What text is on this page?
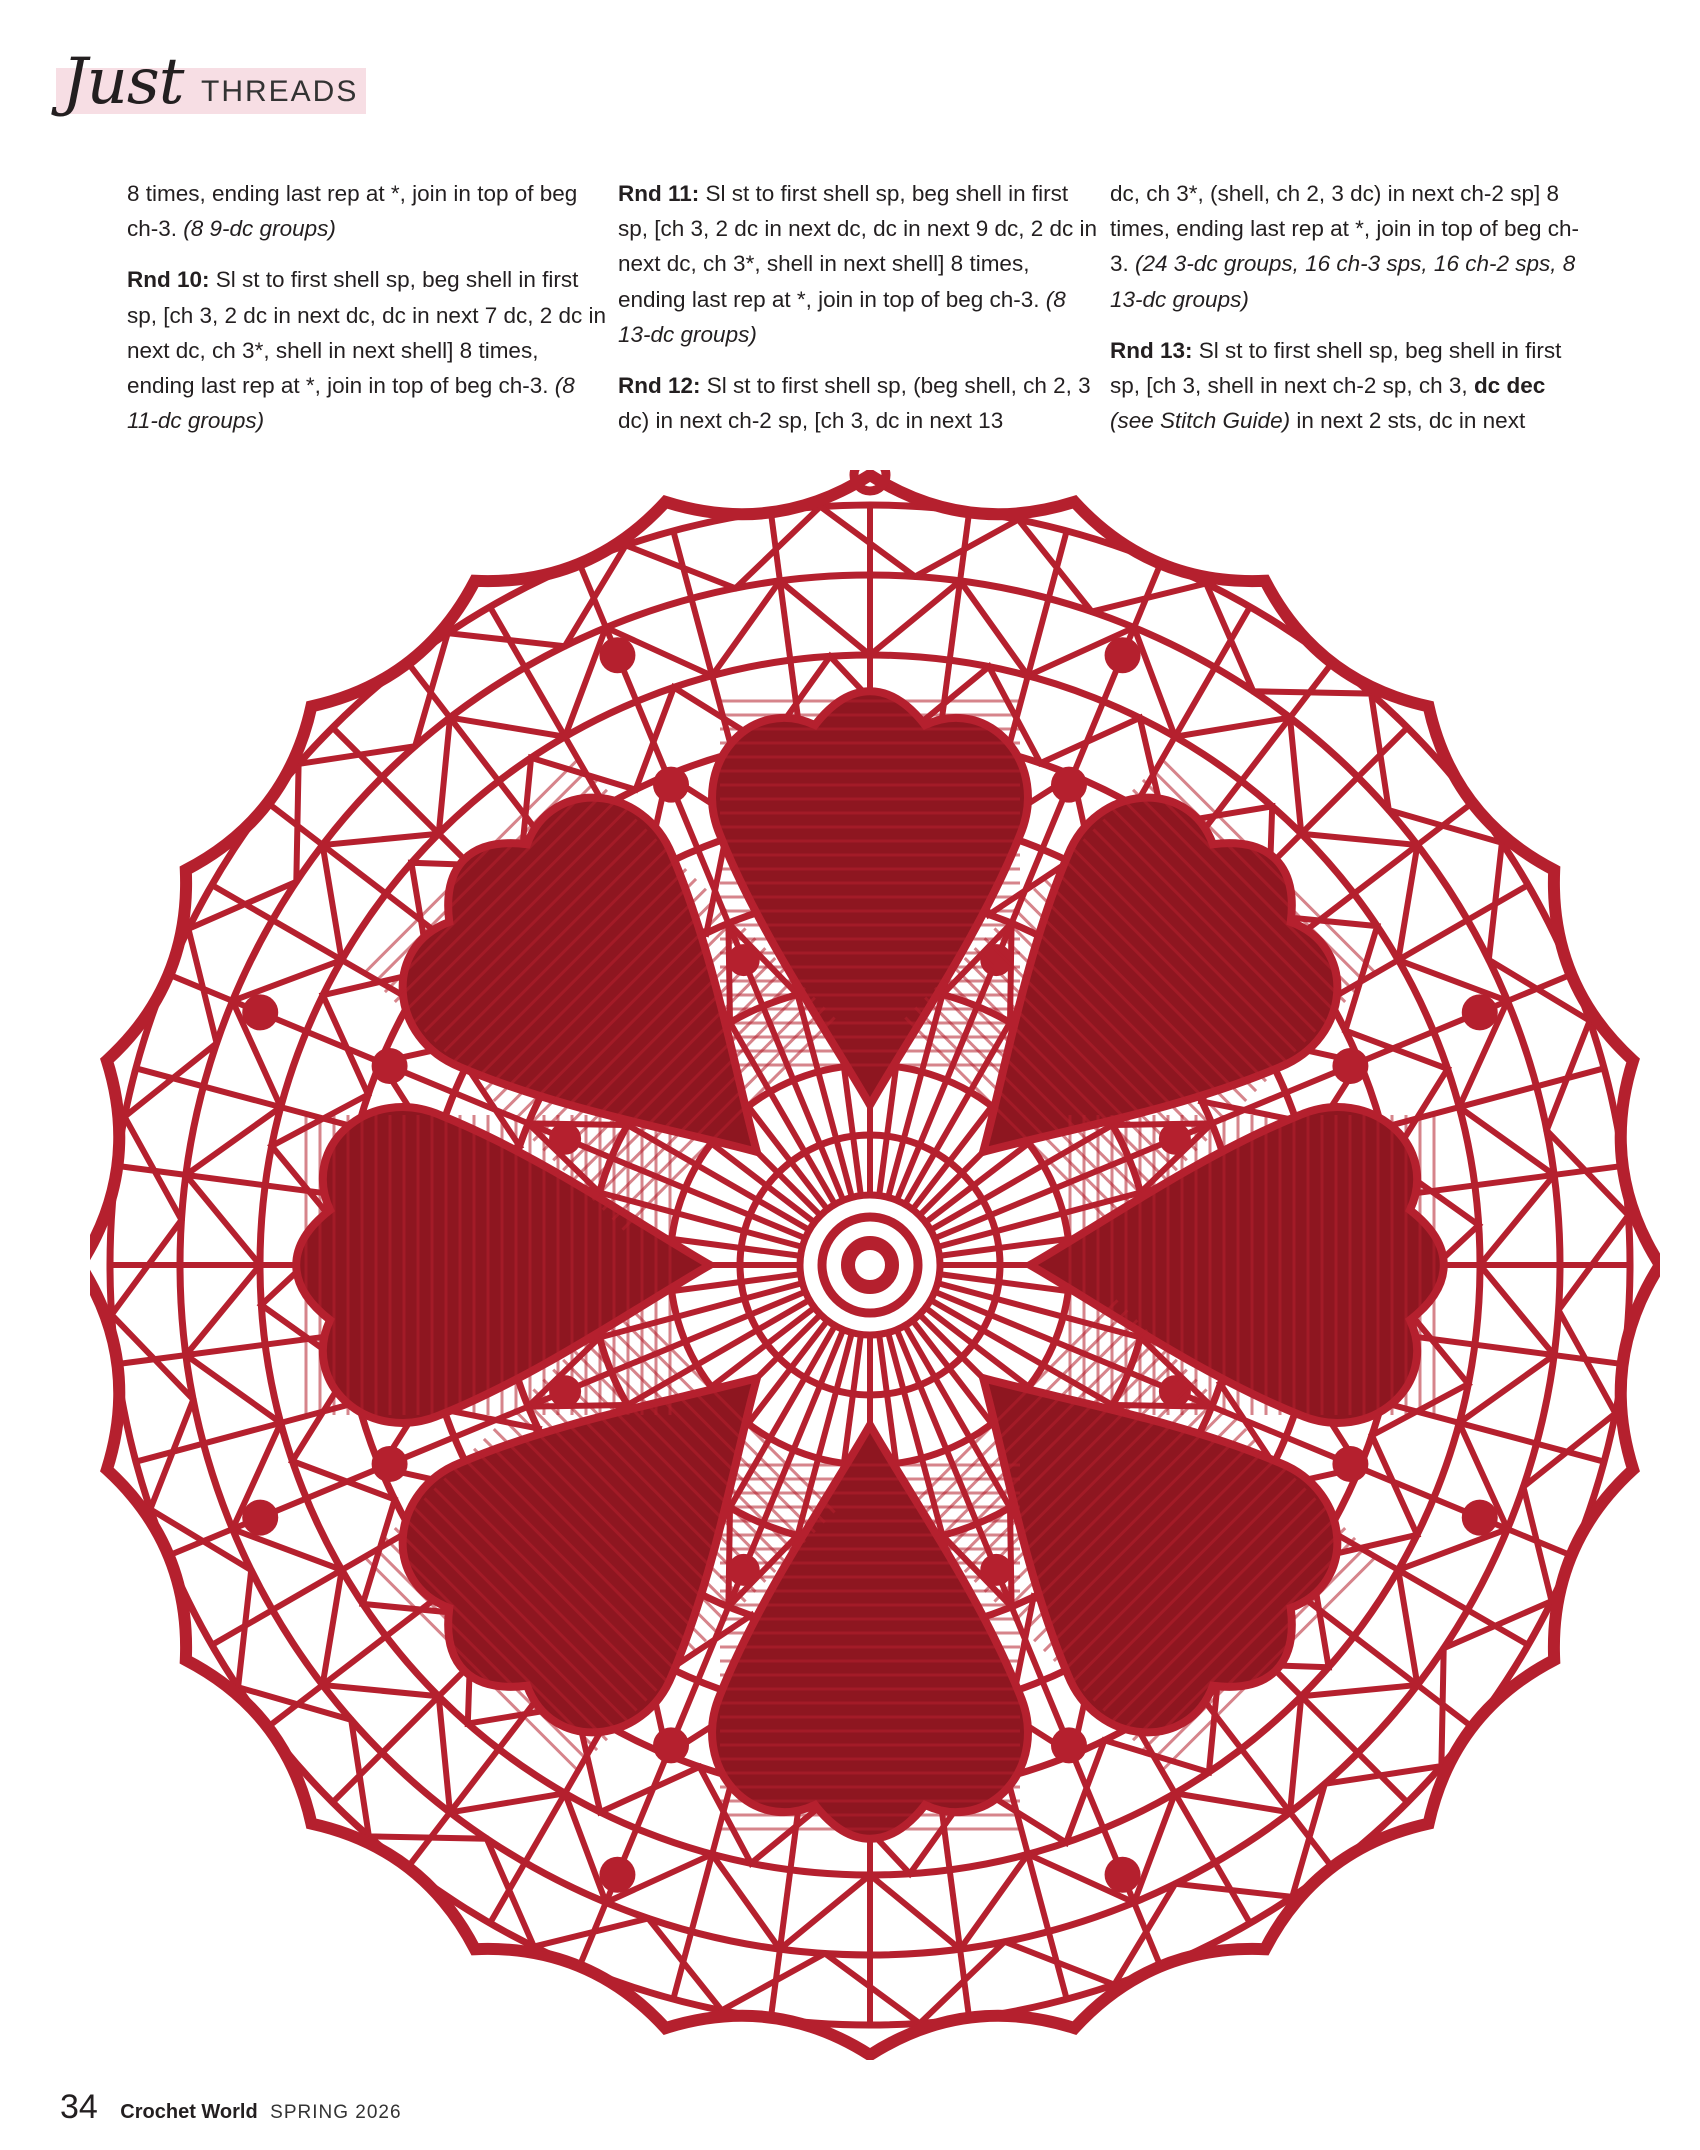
Just THREADS

8 times, ending last rep at *, join in top of beg ch-3. (8 9-dc groups)

Rnd 10: Sl st to first shell sp, beg shell in first sp, [ch 3, 2 dc in next dc, dc in next 7 dc, 2 dc in next dc, ch 3*, shell in next shell] 8 times, ending last rep at *, join in top of beg ch-3. (8 11-dc groups)

Rnd 11: Sl st to first shell sp, beg shell in first sp, [ch 3, 2 dc in next dc, dc in next 9 dc, 2 dc in next dc, ch 3*, shell in next shell] 8 times, ending last rep at *, join in top of beg ch-3. (8 13-dc groups)

Rnd 12: Sl st to first shell sp, (beg shell, ch 2, 3 dc) in next ch-2 sp, [ch 3, dc in next 13

dc, ch 3*, (shell, ch 2, 3 dc) in next ch-2 sp] 8 times, ending last rep at *, join in top of beg ch-3. (24 3-dc groups, 16 ch-3 sps, 16 ch-2 sps, 8 13-dc groups)

Rnd 13: Sl st to first shell sp, beg shell in first sp, [ch 3, shell in next ch-2 sp, ch 3, dc dec (see Stitch Guide) in next 2 sts, dc in next

34 Crochet World SPRING 2026
